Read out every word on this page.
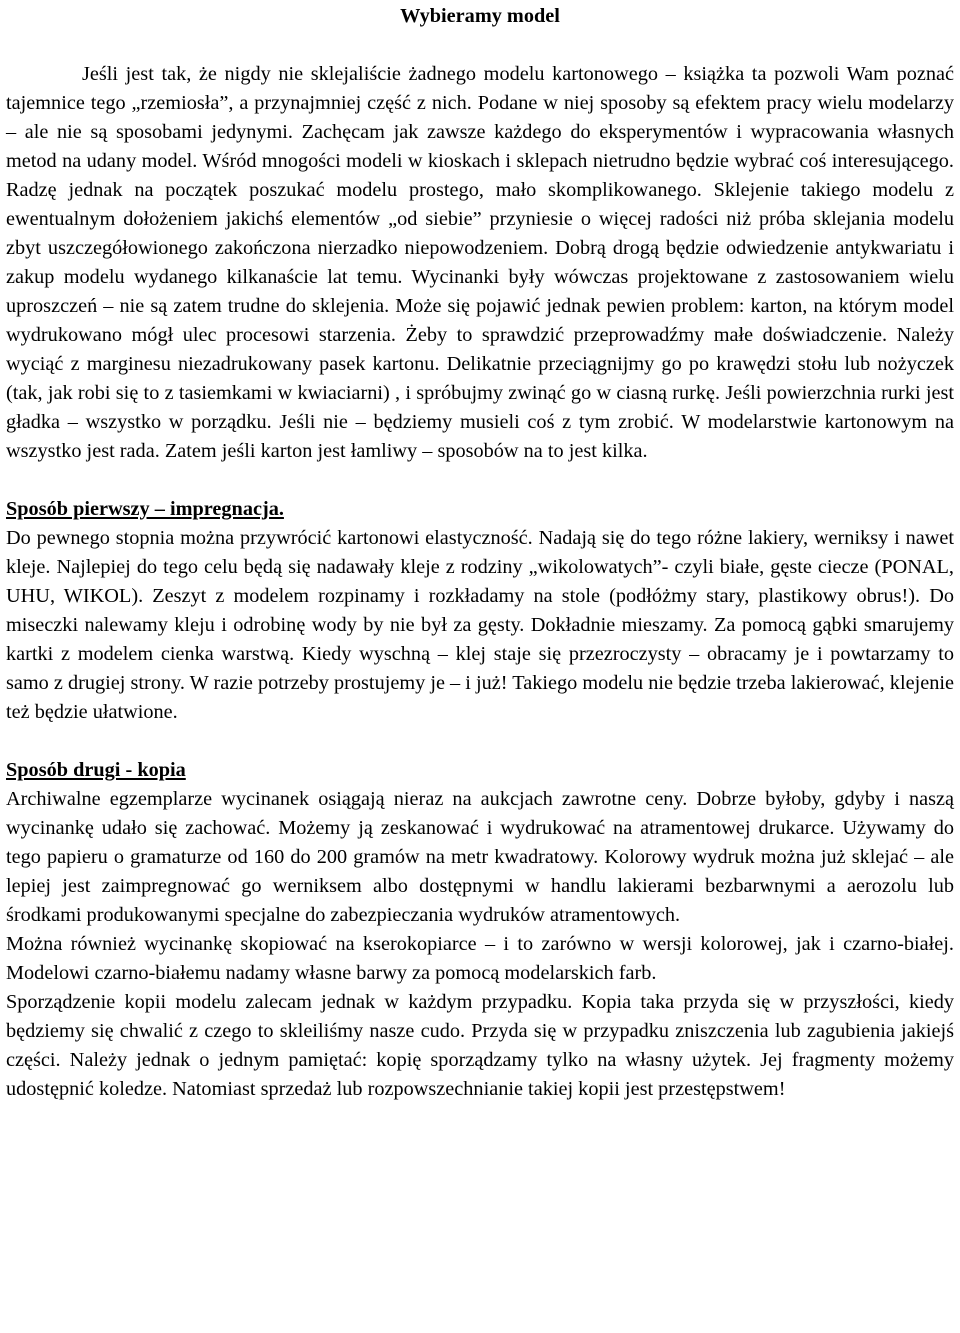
Wybieramy model

Jeśli jest tak, że nigdy nie sklejaliście żadnego modelu kartonowego – książka ta pozwoli Wam poznać tajemnice tego „rzemiosła”, a przynajmniej część z nich. Podane w niej sposoby są efektem pracy wielu modelarzy – ale nie są sposobami jedynymi. Zachęcam jak zawsze każdego do eksperymentów i wypracowania własnych metod na udany model. Wśród mnogości modeli w kioskach i sklepach nietrudno będzie wybrać coś interesującego. Radzę jednak na początek poszukać modelu prostego, mało skomplikowanego. Sklejenie takiego modelu z ewentualnym dołożeniem jakichś elementów „od siebie” przyniesie o więcej radości niż próba sklejania modelu zbyt uszczegółowionego zakończona nierzadko niepowodzeniem. Dobrą drogą będzie odwiedzenie antykwariatu i zakup modelu wydanego kilkanaście lat temu. Wycinanki były wówczas projektowane z zastosowaniem wielu uproszczeń – nie są zatem trudne do sklejenia. Może się pojawić jednak pewien problem: karton, na którym model wydrukowano mógł ulec procesowi starzenia. Żeby to sprawdzić przeprowadźmy małe doświadczenie. Należy wyciąć z marginesu niezadrukowany pasek kartonu. Delikatnie przeciągnijmy go po krawędzi stołu lub nożyczek (tak, jak robi się to z tasiemkami w kwiaciarni) , i spróbujmy zwinąć go w ciasną rurkę. Jeśli powierzchnia rurki jest gładka – wszystko w porządku. Jeśli nie – będziemy musieli coś z tym zrobić. W modelarstwie kartonowym na wszystko jest rada. Zatem jeśli karton jest łamliwy – sposobów na to jest kilka.

Sposób pierwszy – impregnacja.

Do pewnego stopnia można przywrócić kartonowi elastyczność. Nadają się do tego różne lakiery, werniksy i nawet kleje. Najlepiej do tego celu będą się nadawały kleje z rodziny „wikolowatych”- czyli białe, gęste ciecze (PONAL, UHU, WIKOL). Zeszyt z modelem rozpinamy i rozkładamy na stole (podłóżmy stary, plastikowy obrus!). Do miseczki nalewamy kleju i odrobinę wody by nie był za gęsty. Dokładnie mieszamy. Za pomocą gąbki smarujemy kartki z modelem cienka warstwą. Kiedy wyschną – klej staje się przezroczysty – obracamy je i powtarzamy to samo z drugiej strony. W razie potrzeby prostujemy je – i już! Takiego modelu nie będzie trzeba lakierować, klejenie też będzie ułatwione.

Sposób drugi - kopia

Archiwalne egzemplarze wycinanek osiągają nieraz na aukcjach zawrotne ceny. Dobrze byłoby, gdyby i naszą wycinankę udało się zachować. Możemy ją zeskanować i wydrukować na atramentowej drukarce. Używamy do tego papieru o gramaturze od 160 do 200 gramów na metr kwadratowy. Kolorowy wydruk można już sklejać – ale lepiej jest zaimpregnować go werniksem albo dostępnymi w handlu lakierami bezbarwnymi a aerozolu lub środkami produkowanymi specjalne do zabezpieczania wydruków atramentowych.

Można również wycinankę skopiować na kserokopiarce – i to zarówno w wersji kolorowej, jak i czarno-białej. Modelowi czarno-białemu nadamy własne barwy za pomocą modelarskich farb.

Sporządzenie kopii modelu zalecam jednak w każdym przypadku. Kopia taka przyda się w przyszłości, kiedy będziemy się chwalić z czego to skleiliśmy nasze cudo. Przyda się w przypadku zniszczenia lub zagubienia jakiejś części. Należy jednak o jednym pamiętać: kopię sporządzamy tylko na własny użytek. Jej fragmenty możemy udostępnić koledze. Natomiast sprzedaż lub rozpowszechnianie takiej kopii jest przestępstwem!
